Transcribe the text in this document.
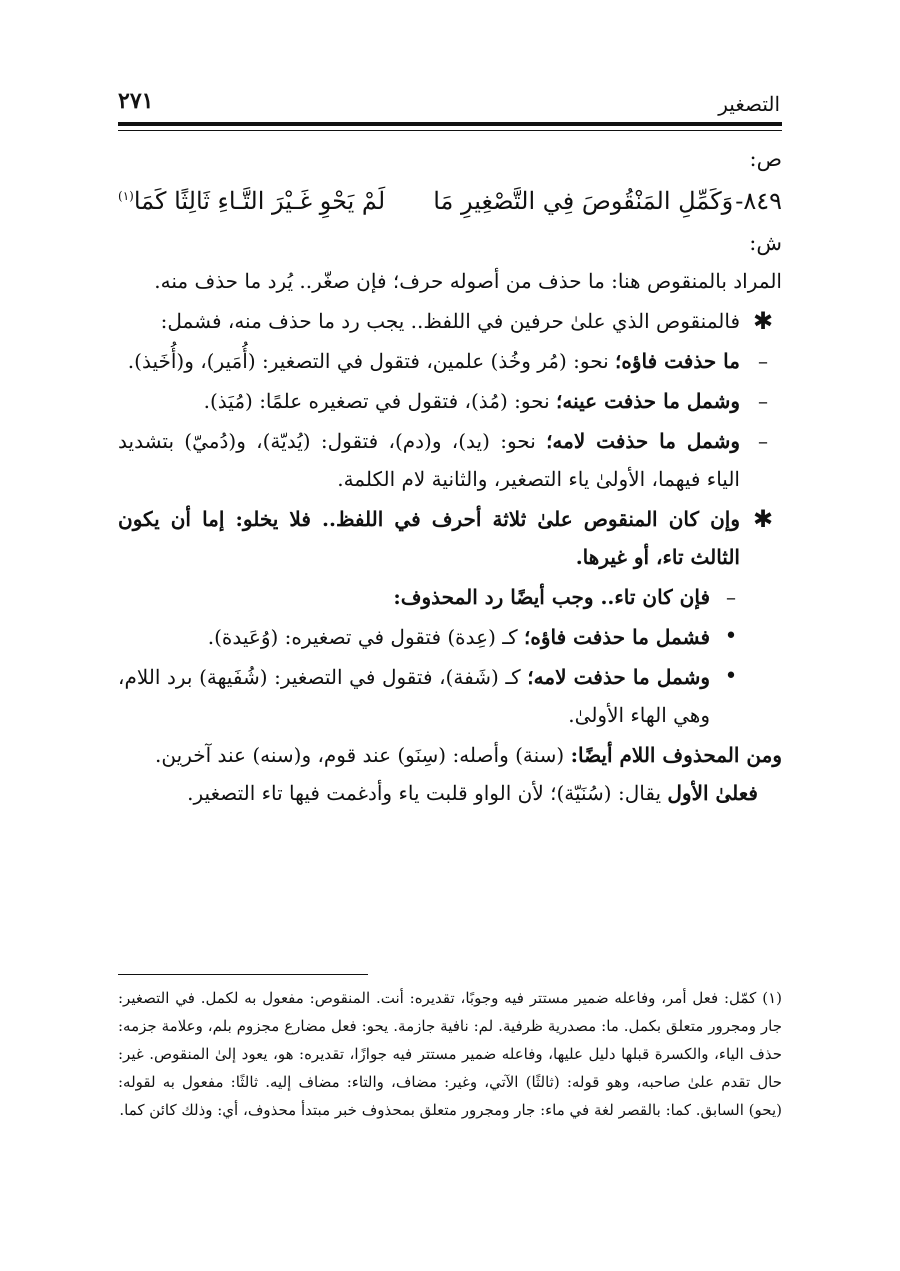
التصغير
٢٧١
ص:
٨٤٩-
وَكَمِّلِ المَنْقُوصَ فِي التَّصْغِيرِ مَا
لَمْ يَحْوِ غَـيْرَ التَّـاءِ ثَالِثًا كَمَا$^{(١)}$
ش:

المراد بالمنقوص هنا: ما حذف من أصوله حرف؛ فإن صغّر.. يُرد ما حذف منه.

✱
فالمنقوص الذي علىٰ حرفين في اللفظ.. يجب رد ما حذف منه، فشمل:
–
ما حذفت فاؤه؛ نحو: (مُر وخُذ) علمين، فتقول في التصغير: (أُمَير)، و(أُخَيذ).
–
وشمل ما حذفت عينه؛ نحو: (مُذ)، فتقول في تصغيره علمًا: (مُيَذ).
–
وشمل ما حذفت لامه؛ نحو: (يد)، و(دم)، فتقول: (يُديّة)، و(دُميّ) بتشديد الياء فيهما، الأولىٰ ياء التصغير، والثانية لام الكلمة.
✱
وإن كان المنقوص علىٰ ثلاثة أحرف في اللفظ.. فلا يخلو: إما أن يكون الثالث تاء، أو غيرها.
–
فإن كان تاء.. وجب أيضًا رد المحذوف:
•
فشمل ما حذفت فاؤه؛ كـ (عِدة) فتقول في تصغيره: (وُعَيدة).
•
وشمل ما حذفت لامه؛ كـ (شَفة)، فتقول في التصغير: (شُفَيهة) برد اللام، وهي الهاء الأولىٰ.

ومن المحذوف اللام أيضًا: (سنة) وأصله: (سِنَو) عند قوم، و(سنه) عند آخرين.

فعلىٰ الأول يقال: (سُنَيّة)؛ لأن الواو قلبت ياء وأدغمت فيها تاء التصغير.

(١)كمّل: فعل أمر، وفاعله ضمير مستتر فيه وجوبًا، تقديره: أنت. المنقوص: مفعول به لكمل. في التصغير: جار ومجرور متعلق بكمل. ما: مصدرية ظرفية. لم: نافية جازمة. يحو: فعل مضارع مجزوم بلم، وعلامة جزمه: حذف الياء، والكسرة قبلها دليل عليها، وفاعله ضمير مستتر فيه جوازًا، تقديره: هو، يعود إلىٰ المنقوص. غير: حال تقدم علىٰ صاحبه، وهو قوله: (ثالثًا) الآتي، وغير: مضاف، والتاء: مضاف إليه. ثالثًا: مفعول به لقوله: (يحو) السابق. كما: بالقصر لغة في ماء: جار ومجرور متعلق بمحذوف خبر مبتدأ محذوف، أي: وذلك كائن كما.
